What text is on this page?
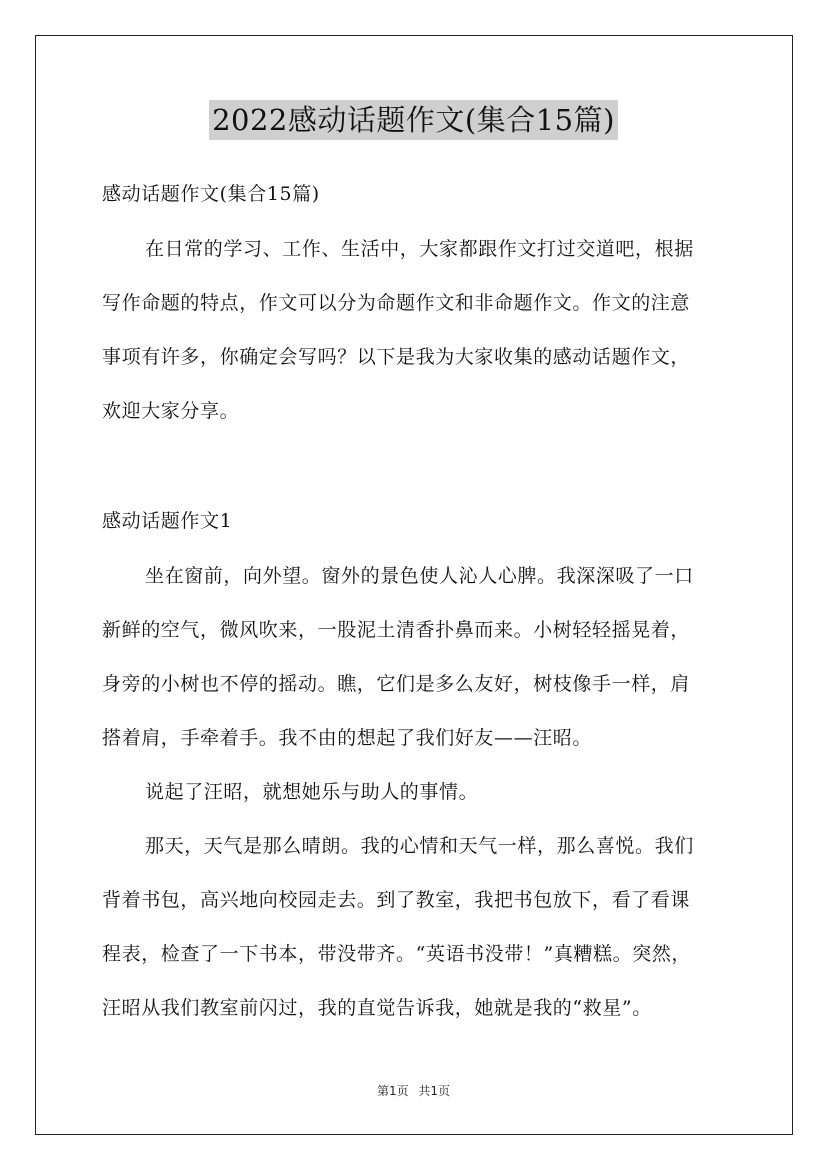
2022感动话题作文(集合15篇)
感动话题作文(集合15篇)
在日常的学习、工作、生活中，大家都跟作文打过交道吧，根据
写作命题的特点，作文可以分为命题作文和非命题作文。作文的注意
事项有许多，你确定会写吗？以下是我为大家收集的感动话题作文，
欢迎大家分享。
感动话题作文1
坐在窗前，向外望。窗外的景色使人沁人心脾。我深深吸了一口
新鲜的空气，微风吹来，一股泥土清香扑鼻而来。小树轻轻摇晃着，
身旁的小树也不停的摇动。瞧，它们是多么友好，树枝像手一样，肩
搭着肩，手牵着手。我不由的想起了我们好友——汪昭。
说起了汪昭，就想她乐与助人的事情。
那天，天气是那么晴朗。我的心情和天气一样，那么喜悦。我们
背着书包，高兴地向校园走去。到了教室，我把书包放下，看了看课
程表，检查了一下书本，带没带齐。“英语书没带！”真糟糕。突然，
汪昭从我们教室前闪过，我的直觉告诉我，她就是我的“救星”。
第1页 共1页
